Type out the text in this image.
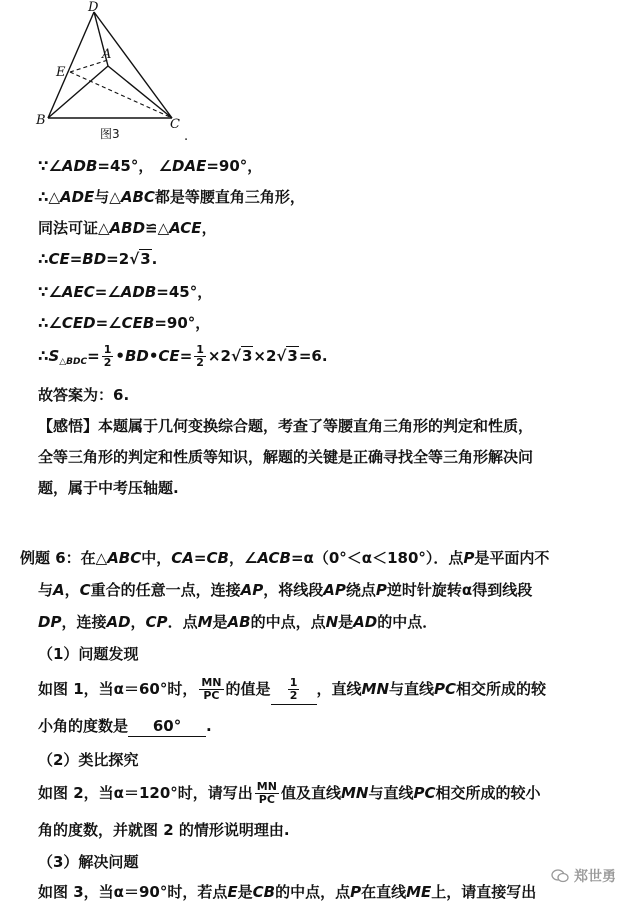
D
E
A
B	C
图3	.
∵∠ADB=45°， ∠DAE=90°，
∴△ADE与△ABC都是等腰直角三角形，
同法可证△ABD≌△ACE，
∴CE=BD=2√3.
∵∠AEC=∠ADB=45°，
∴∠CED=∠CEB=90°，
$\therefore S_{\triangle BDC}= \frac{1}{2}$ •BD•CE= $\frac{1}{2} \times 2√3\times 2√3=6$.
故答案为：6.
【感悟】本题属于几何变换综合题，考查了等腰直角三角形的判定和性质，
全等三角形的判定和性质等知识，解题的关键是正确寻找全等三角形解决问
题，属于中考压轴题.
例题 6：在△ABC中，CA=CB，∠ACB=α（0°＜α＜180°）．点P是平面内不
与A，C重合的任意一点，连接AP，将线段AP绕点P逆时针旋转α得到线段
DP，连接AD，CP．点M是AB的中点，点N是AD的中点．
（1）问题发现
如图 1，当α＝60°时， $\frac{MN}{PC}$ 的值是 $\frac{1}{2}$ ，直线MN与直线PC相交所成的较
小角的度数是 60° .
（2）类比探究
如图 2，当α＝120°时，请写出 $\frac{MN}{PC}$ 值及直线MN与直线PC相交所成的较小
角的度数，并就图 2 的情形说明理由.
（3）解决问题
如图 3，当α＝90°时，若点E是CB的中点，点P在直线ME上，请直接写出
郑世勇
